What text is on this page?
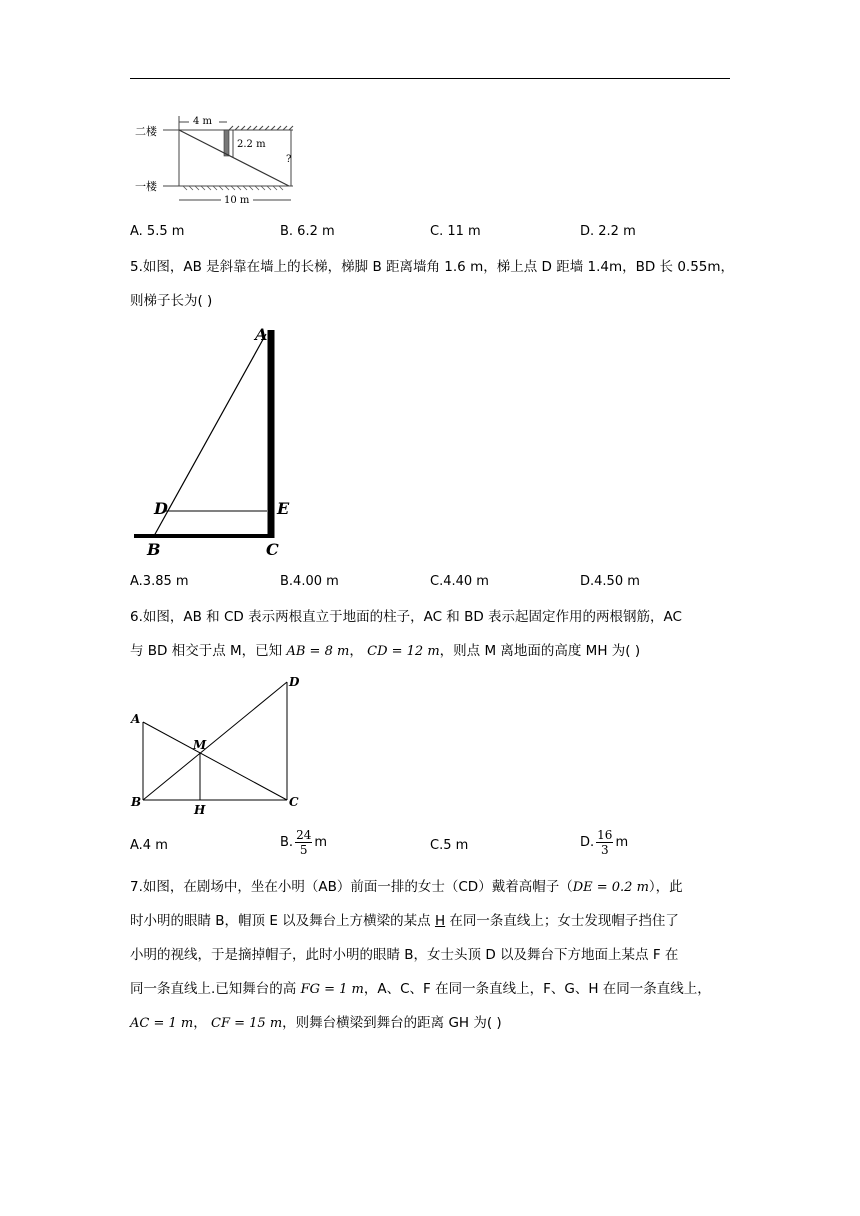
二楼
一楼
4 m
2.2 m
?
10 m
A. 5.5 m	B. 6.2 m	C. 11 m	D. 2.2 m
5.如图，AB 是斜靠在墙上的长梯，梯脚 B 距离墙角 1.6 m，梯上点 D 距墙 1.4m，BD 长 0.55m，
则梯子长为( )
A
D	E
B	C
A.3.85 m	B.4.00 m	C.4.40 m	D.4.50 m
6.如图，AB 和 CD 表示两根直立于地面的柱子，AC 和 BD 表示起固定作用的两根钢筋，AC
与 BD 相交于点 M，已知 AB = 8 m， CD = 12 m，则点 M 离地面的高度 MH 为( )
A
D
M
B	C
H
A.4 m	B. $\frac{24}{5}$ m	C.5 m	D. $\frac{16}{3}$ m
7.如图，在剧场中，坐在小明（AB）前面一排的女士（CD）戴着高帽子（DE = 0.2 m），此
时小明的眼睛 B，帽顶 E 以及舞台上方横梁的某点 H 在同一条直线上；女士发现帽子挡住了
小明的视线，于是摘掉帽子，此时小明的眼睛 B，女士头顶 D 以及舞台下方地面上某点 F 在
同一条直线上.已知舞台的高 FG = 1 m，A、C、F 在同一条直线上，F、G、H 在同一条直线上，
AC = 1 m， CF = 15 m，则舞台横梁到舞台的距离 GH 为( )
